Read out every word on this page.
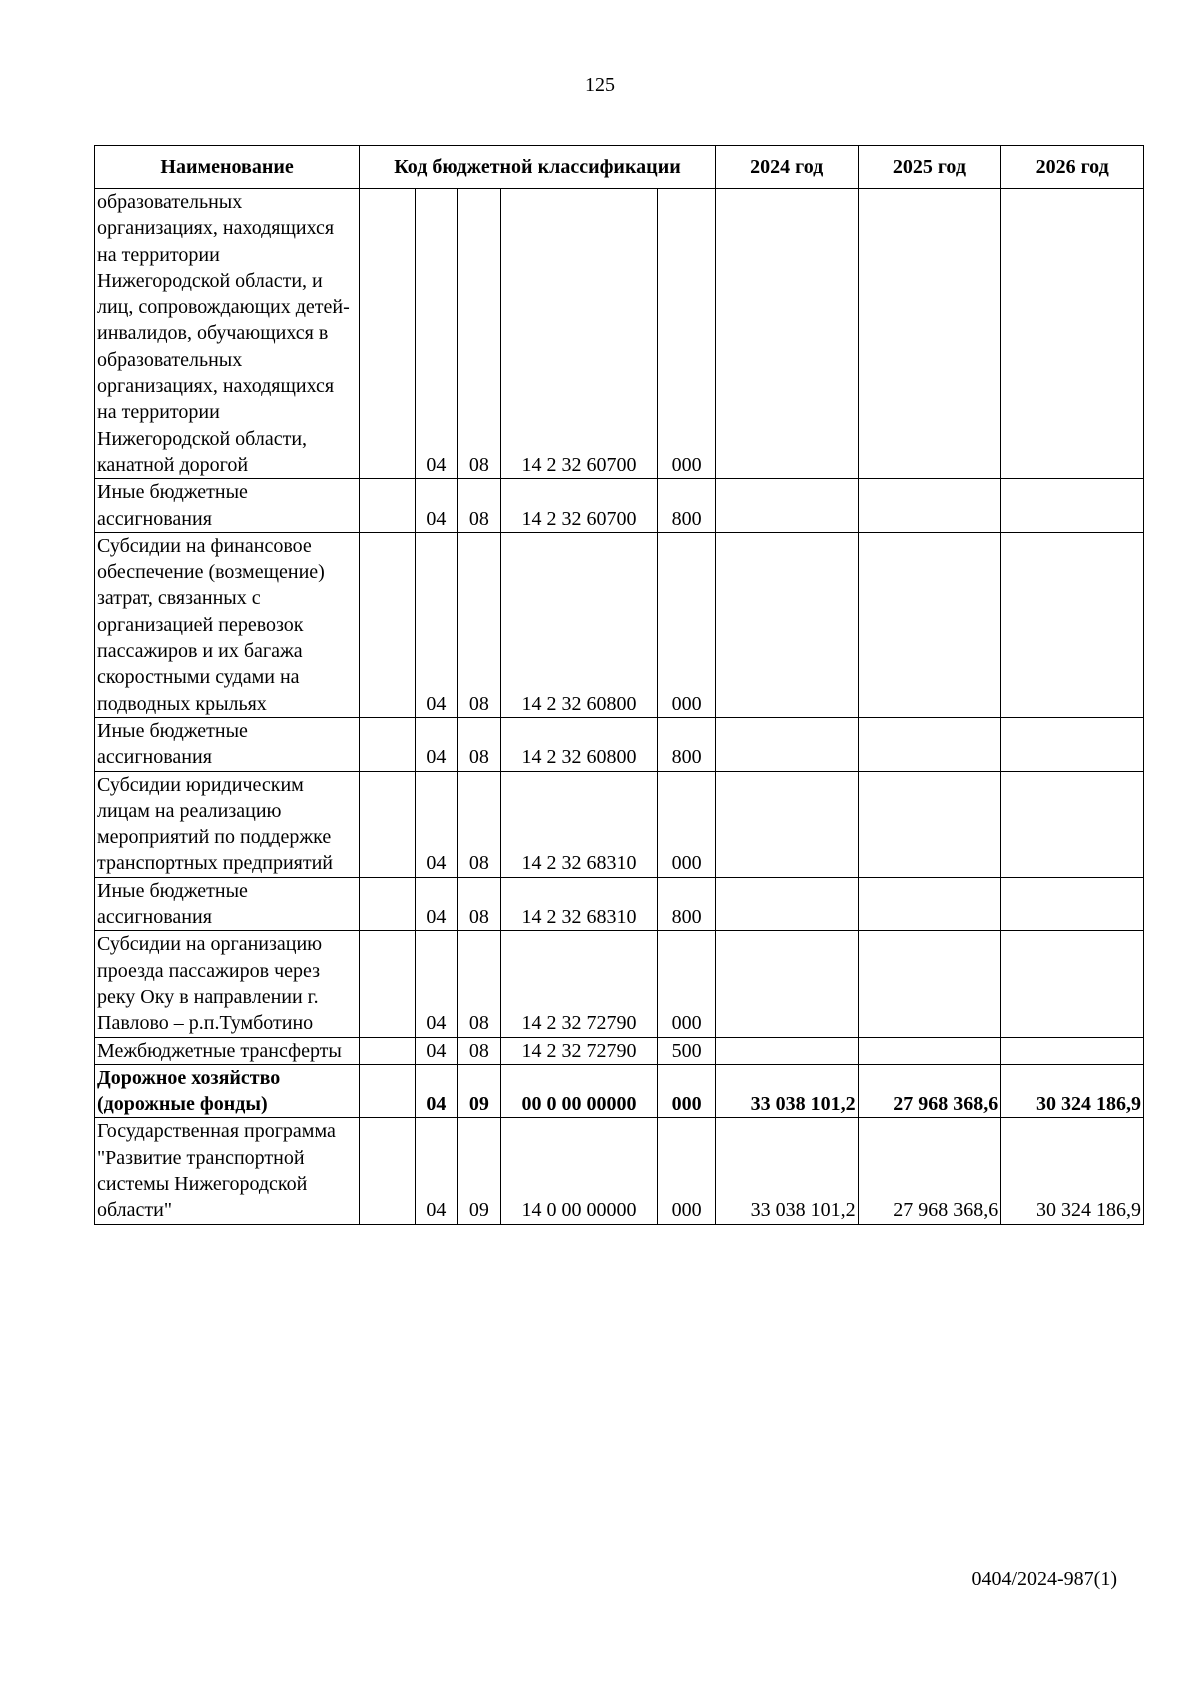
125
Наименование	Код бюджетной классификации					2024 год	2025 год	2026 год
образовательных организациях, находящихся на территории Нижегородской области, и лиц, сопровождающих детей-инвалидов, обучающихся в образовательных организациях, находящихся на территории Нижегородской области, канатной дорогой		04	08	14 2 32 60700	000			
Иные бюджетные ассигнования		04	08	14 2 32 60700	800			
Субсидии на финансовое обеспечение (возмещение) затрат, связанных с организацией перевозок пассажиров и их багажа скоростными судами на подводных крыльях		04	08	14 2 32 60800	000			
Иные бюджетные ассигнования		04	08	14 2 32 60800	800			
Субсидии юридическим лицам на реализацию мероприятий по поддержке транспортных предприятий		04	08	14 2 32 68310	000			
Иные бюджетные ассигнования		04	08	14 2 32 68310	800			
Субсидии на организацию проезда пассажиров через реку Оку в направлении г. Павлово – р.п.Тумботино		04	08	14 2 32 72790	000			
Межбюджетные трансферты		04	08	14 2 32 72790	500			
Дорожное хозяйство (дорожные фонды)		04	09	00 0 00 00000	000	33 038 101,2	27 968 368,6	30 324 186,9
Государственная программа "Развитие транспортной системы Нижегородской области"		04	09	14 0 00 00000	000	33 038 101,2	27 968 368,6	30 324 186,9
0404/2024-987(1)
